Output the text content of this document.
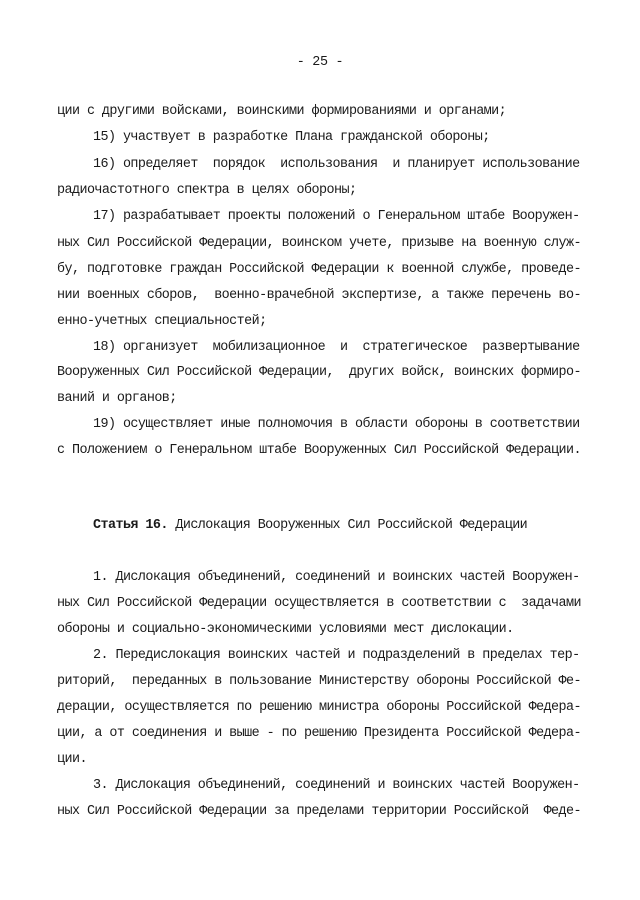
- 25 -
ции с другими войсками, воинскими формированиями и органами;
15) участвует в разработке Плана гражданской обороны;
16) определяет  порядок  использования  и планирует использование
радиочастотного спектра в целях обороны;
17) разрабатывает проекты положений о Генеральном штабе Вооружен-
ных Сил Российской Федерации, воинском учете, призыве на военную служ-
бу, подготовке граждан Российской Федерации к военной службе, проведе-
нии военных сборов,  военно-врачебной экспертизе, а также перечень во-
енно-учетных специальностей;
18) организует  мобилизационное  и  стратегическое  развертывание
Вооруженных Сил Российской Федерации,  других войск, воинских формиро-
ваний и органов;
19) осуществляет иные полномочия в области обороны в соответствии
с Положением о Генеральном штабе Вооруженных Сил Российской Федерации.
Статья 16. Дислокация Вооруженных Сил Российской Федерации
1. Дислокация объединений, соединений и воинских частей Вооружен-
ных Сил Российской Федерации осуществляется в соответствии с  задачами
обороны и социально-экономическими условиями мест дислокации.
2. Передислокация воинских частей и подразделений в пределах тер-
риторий,  переданных в пользование Министерству обороны Российской Фе-
дерации, осуществляется по решению министра обороны Российской Федера-
ции, а от соединения и выше - по решению Президента Российской Федера-
ции.
3. Дислокация объединений, соединений и воинских частей Вооружен-
ных Сил Российской Федерации за пределами территории Российской  Феде-
